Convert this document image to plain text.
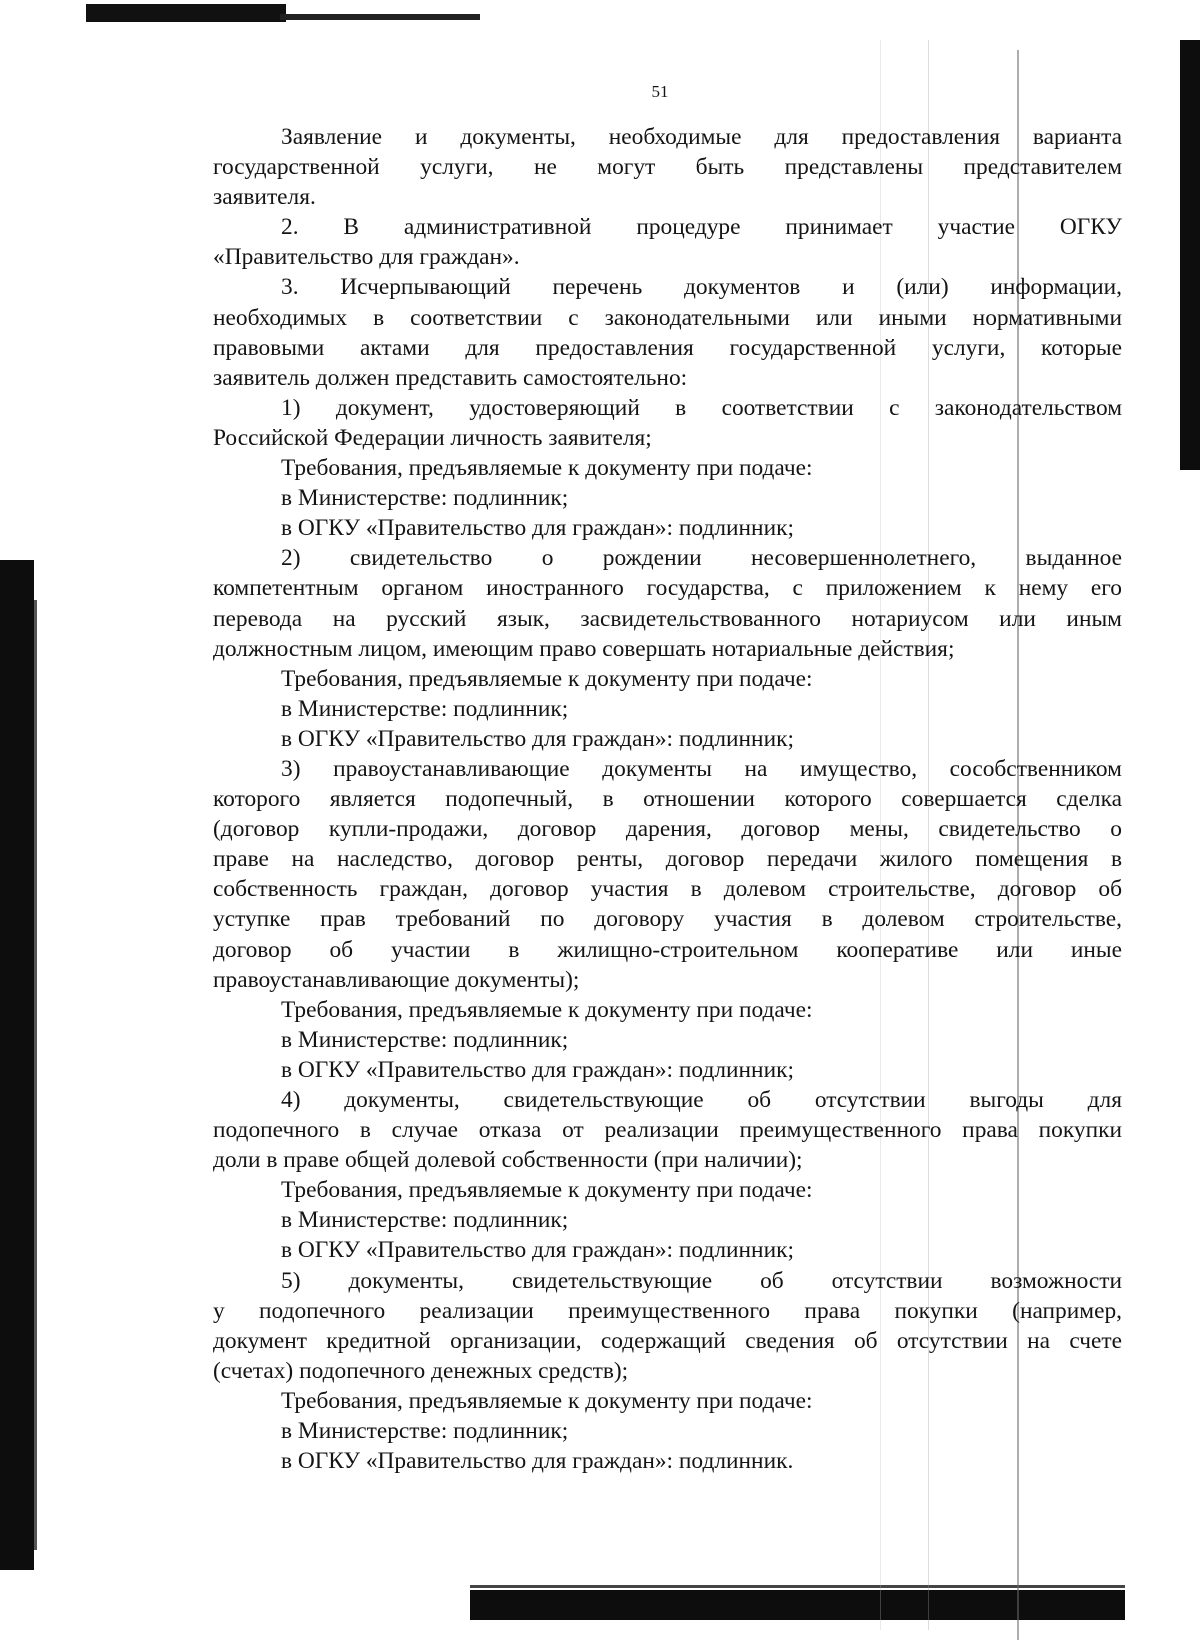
51
Заявление и документы, необходимые для предоставления варианта
государственной услуги, не могут быть представлены представителем
заявителя.
2. В административной процедуре принимает участие ОГКУ
«Правительство для граждан».
3. Исчерпывающий перечень документов и (или) информации,
необходимых в соответствии с законодательными или иными нормативными
правовыми актами для предоставления государственной услуги, которые
заявитель должен представить самостоятельно:
1) документ, удостоверяющий в соответствии с законодательством
Российской Федерации личность заявителя;
Требования, предъявляемые к документу при подаче:
в Министерстве: подлинник;
в ОГКУ «Правительство для граждан»: подлинник;
2) свидетельство о рождении несовершеннолетнего, выданное
компетентным органом иностранного государства, с приложением к нему его
перевода на русский язык, засвидетельствованного нотариусом или иным
должностным лицом, имеющим право совершать нотариальные действия;
Требования, предъявляемые к документу при подаче:
в Министерстве: подлинник;
в ОГКУ «Правительство для граждан»: подлинник;
3) правоустанавливающие документы на имущество, сособственником
которого является подопечный, в отношении которого совершается сделка
(договор купли-продажи, договор дарения, договор мены, свидетельство о
праве на наследство, договор ренты, договор передачи жилого помещения в
собственность граждан, договор участия в долевом строительстве, договор об
уступке прав требований по договору участия в долевом строительстве,
договор об участии в жилищно-строительном кооперативе или иные
правоустанавливающие документы);
Требования, предъявляемые к документу при подаче:
в Министерстве: подлинник;
в ОГКУ «Правительство для граждан»: подлинник;
4) документы, свидетельствующие об отсутствии выгоды для
подопечного в случае отказа от реализации преимущественного права покупки
доли в праве общей долевой собственности (при наличии);
Требования, предъявляемые к документу при подаче:
в Министерстве: подлинник;
в ОГКУ «Правительство для граждан»: подлинник;
5) документы, свидетельствующие об отсутствии возможности
у подопечного реализации преимущественного права покупки (например,
документ кредитной организации, содержащий сведения об отсутствии на счете
(счетах) подопечного денежных средств);
Требования, предъявляемые к документу при подаче:
в Министерстве: подлинник;
в ОГКУ «Правительство для граждан»: подлинник.
